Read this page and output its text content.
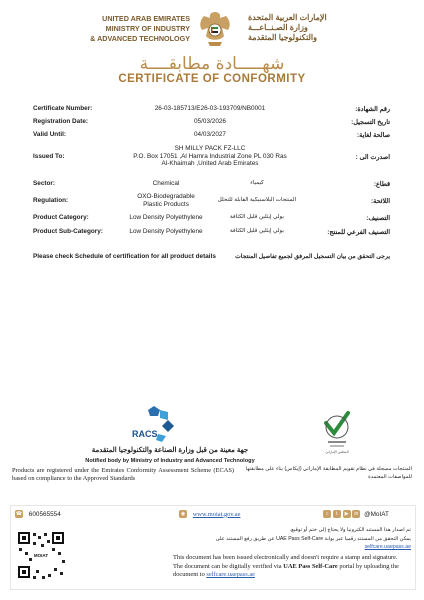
UNITED ARAB EMIRATES
MINISTRY OF INDUSTRY
& ADVANCED TECHNOLOGY
الإمارات العربية المتحدة
وزارة الصـنــاعـــة
والتكنولوجيا المتقدمة
شهـــــادة مطابقــــة
CERTIFICATE OF CONFORMITY
Certificate Number:	26-03-185713/E26-03-193709/NB0001	رقم الشهادة:
Registration Date:	05/03/2026	تاريخ التسجيل:
Valid Until:	04/03/2027	صالحة لغاية:
Issued To:
SH MILLY PACK FZ-LLC
P.O. Box 17051 ,Al Hamra Industrial Zone PL 030 Ras
Al-Khaimah ,United Arab Emirates
اصدرت الى :
Sector:	Chemical	كيمياء	قطاع:
Regulation:
OXO-Biodegradable
Plastic Products
المنتجات البلاستيكية القابلة للتحلل	اللائحة:
Product Category:	Low Density Polyethylene	بولي إيثلين قليل الكثافة	التصنيف:
Product Sub-Category:	Low Density Polyethylene	بولي إيثلين قليل الكثافة	التصنيف الفرعي للمنتج:
Please check Schedule of certification for all product details	يرجى التحقق من بيان التسجيل المرفق لجميع تفاصيل المنتجات
RACS
المجلس الإماراتي
جهة معينة من قبل وزارة الصناعة والتكنولوجيا المتقدمة
Notified body by Ministry of Industry and Advanced Technology
Products are registered under the Emirates Conformity Assessment Scheme (ECAS) based on compliance to the Approved Standards
المنتجات مسجلة في نظام تقويم المطابقة الإماراتي (إيكاس) بناء على مطابقتها للمواصفات المعتمدة
☎ 600565554	◉ www.moiat.gov.ae	○ t ▶ in @MoIAT
MOIAT
تم اصدار هذا المستند الكترونيا ولا يحتاج إلى ختم أو توقيع.
يمكن التحقق من المستند رقميا عبر بوابة UAE Pass Self-Care عن طريق رفع المستند على
selfcare.uaepass.ae
This document has been issued electronically and doesn't require a stamp and signature.
The document can be digitally verified via UAE Pass Self-Care portal by uploading the document to selfcare.uaepass.ae
